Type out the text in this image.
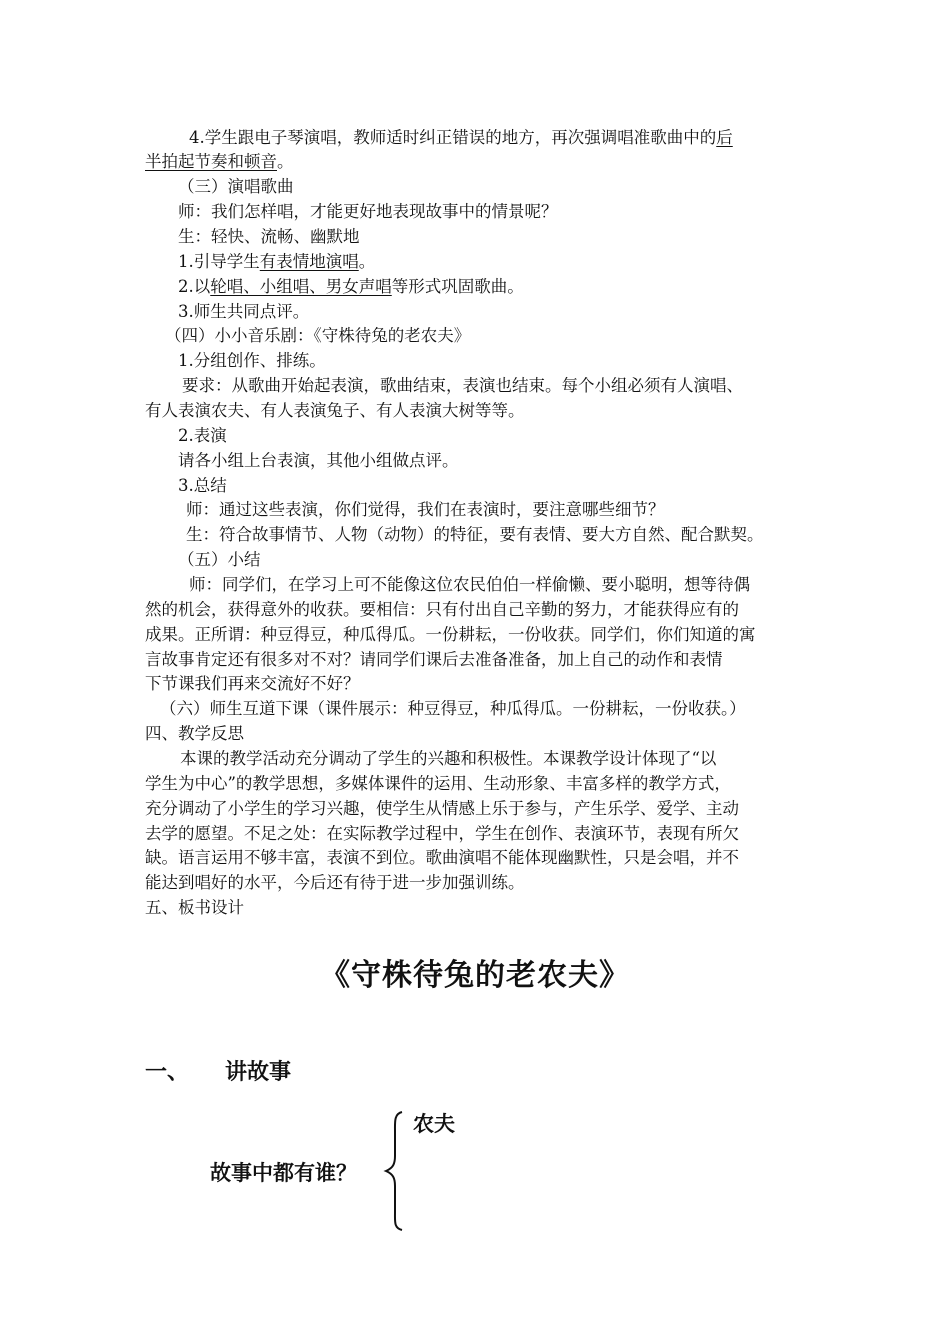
4.学生跟电子琴演唱，教师适时纠正错误的地方，再次强调唱准歌曲中的后
半拍起节奏和顿音。
（三）演唱歌曲
师：我们怎样唱，才能更好地表现故事中的情景呢？
生：轻快、流畅、幽默地
1.引导学生有表情地演唱。
2.以轮唱、小组唱、男女声唱等形式巩固歌曲。
3.师生共同点评。
（四）小小音乐剧：《守株待兔的老农夫》
1.分组创作、排练。
要求：从歌曲开始起表演，歌曲结束，表演也结束。每个小组必须有人演唱、
有人表演农夫、有人表演兔子、有人表演大树等等。
2.表演
请各小组上台表演，其他小组做点评。
3.总结
师：通过这些表演，你们觉得，我们在表演时，要注意哪些细节？
生：符合故事情节、人物（动物）的特征，要有表情、要大方自然、配合默契。
（五）小结
师：同学们，在学习上可不能像这位农民伯伯一样偷懒、要小聪明，想等待偶
然的机会，获得意外的收获。要相信：只有付出自己辛勤的努力，才能获得应有的
成果。正所谓：种豆得豆，种瓜得瓜。一份耕耘，一份收获。同学们，你们知道的寓
言故事肯定还有很多对不对？请同学们课后去准备准备，加上自己的动作和表情
下节课我们再来交流好不好？
（六）师生互道下课（课件展示：种豆得豆，种瓜得瓜。一份耕耘，一份收获。）
四、教学反思
本课的教学活动充分调动了学生的兴趣和积极性。本课教学设计体现了“以
学生为中心”的教学思想，多媒体课件的运用、生动形象、丰富多样的教学方式，
充分调动了小学生的学习兴趣，使学生从情感上乐于参与，产生乐学、爱学、主动
去学的愿望。不足之处：在实际教学过程中，学生在创作、表演环节，表现有所欠
缺。语言运用不够丰富，表演不到位。歌曲演唱不能体现幽默性，只是会唱，并不
能达到唱好的水平，今后还有待于进一步加强训练。
五、板书设计
《守株待兔的老农夫》
一、 讲故事
农夫
故事中都有谁？
